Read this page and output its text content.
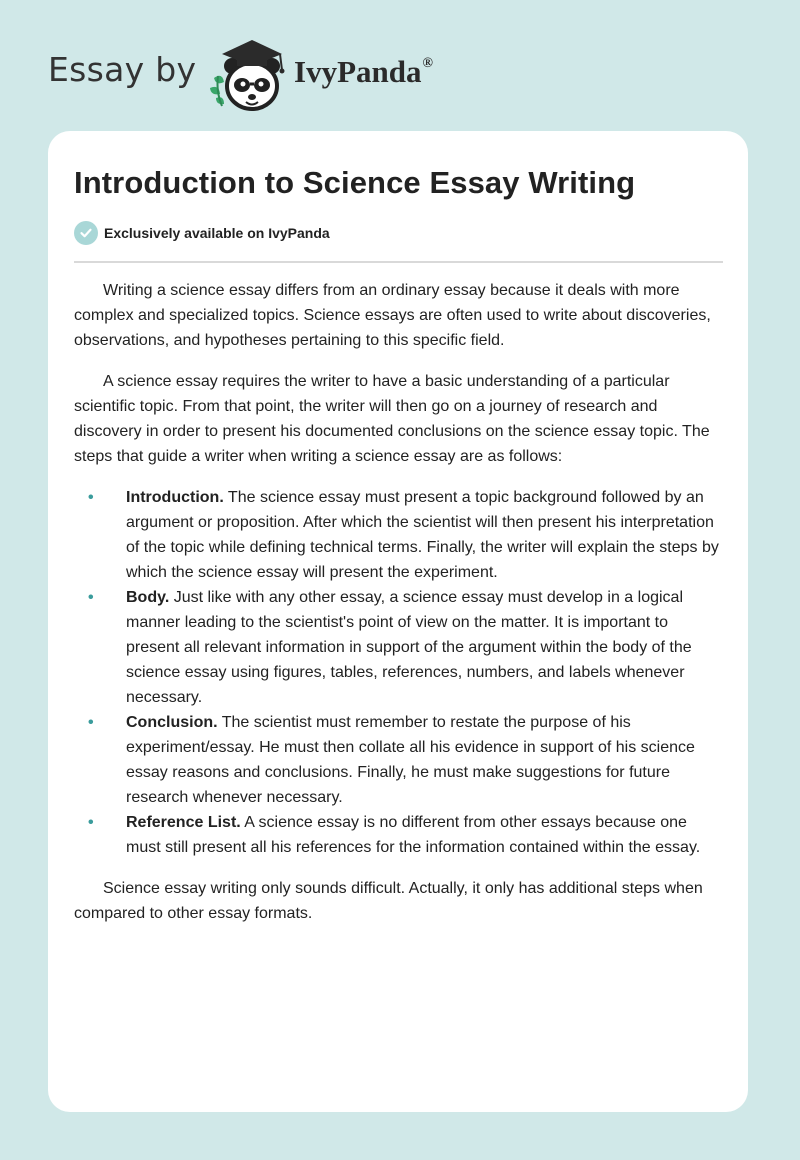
Essay by	IvyPanda®
Introduction to Science Essay Writing
Exclusively available on IvyPanda

Writing a science essay differs from an ordinary essay because it deals with more complex and specialized topics. Science essays are often used to write about discoveries, observations, and hypotheses pertaining to this specific field.

A science essay requires the writer to have a basic understanding of a particular scientific topic. From that point, the writer will then go on a journey of research and discovery in order to present his documented conclusions on the science essay topic. The steps that guide a writer when writing a science essay are as follows:

• Introduction. The science essay must present a topic background followed by an argument or proposition. After which the scientist will then present his interpretation of the topic while defining technical terms. Finally, the writer will explain the steps by which the science essay will present the experiment.
• Body. Just like with any other essay, a science essay must develop in a logical manner leading to the scientist's point of view on the matter. It is important to present all relevant information in support of the argument within the body of the science essay using figures, tables, references, numbers, and labels whenever necessary.
• Conclusion. The scientist must remember to restate the purpose of his experiment/essay. He must then collate all his evidence in support of his science essay reasons and conclusions. Finally, he must make suggestions for future research whenever necessary.
• Reference List. A science essay is no different from other essays because one must still present all his references for the information contained within the essay.

Science essay writing only sounds difficult. Actually, it only has additional steps when compared to other essay formats.
